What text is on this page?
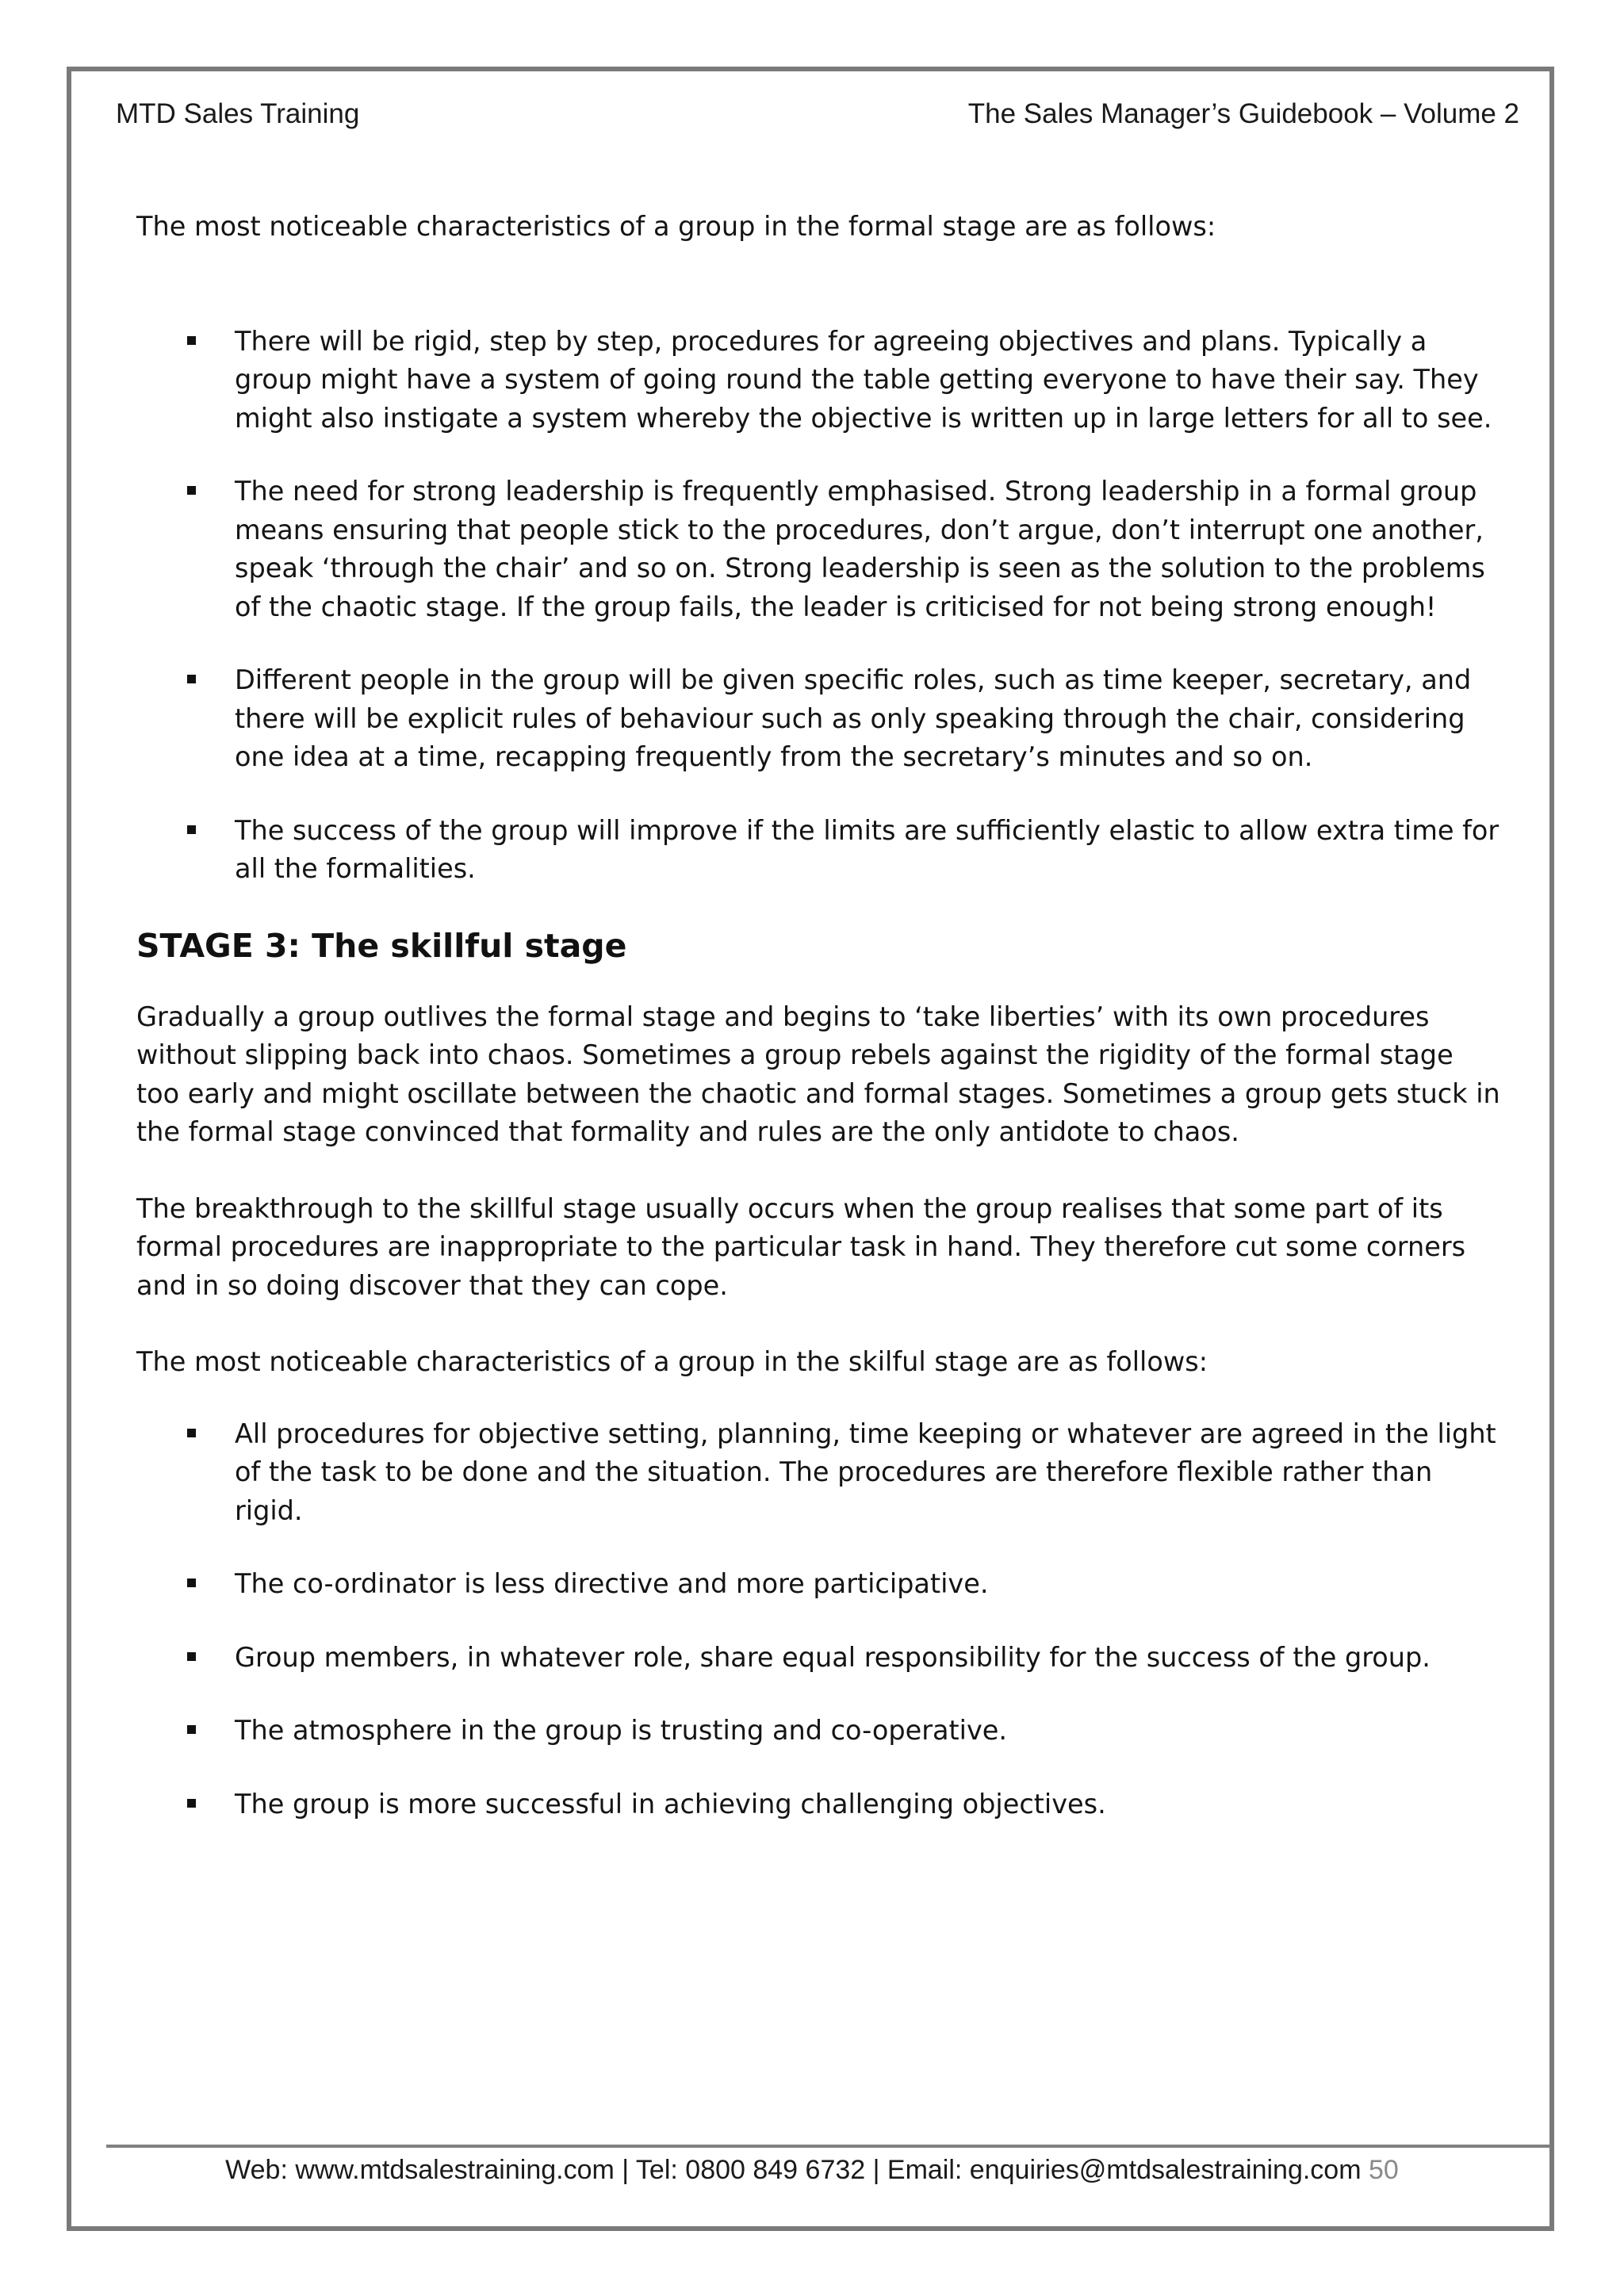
MTD Sales Training	The Sales Manager’s Guidebook – Volume 2

The most noticeable characteristics of a group in the formal stage are as follows:

There will be rigid, step by step, procedures for agreeing objectives and plans. Typically a group might have a system of going round the table getting everyone to have their say. They might also instigate a system whereby the objective is written up in large letters for all to see.
The need for strong leadership is frequently emphasised. Strong leadership in a formal group means ensuring that people stick to the procedures, don’t argue, don’t interrupt one another, speak ‘through the chair’ and so on. Strong leadership is seen as the solution to the problems of the chaotic stage. If the group fails, the leader is criticised for not being strong enough!
Different people in the group will be given specific roles, such as time keeper, secretary, and there will be explicit rules of behaviour such as only speaking through the chair, considering one idea at a time, recapping frequently from the secretary’s minutes and so on.
The success of the group will improve if the limits are sufficiently elastic to allow extra time for all the formalities.
STAGE 3: The skillful stage

Gradually a group outlives the formal stage and begins to ‘take liberties’ with its own procedures without slipping back into chaos. Sometimes a group rebels against the rigidity of the formal stage too early and might oscillate between the chaotic and formal stages. Sometimes a group gets stuck in the formal stage convinced that formality and rules are the only antidote to chaos.

The breakthrough to the skillful stage usually occurs when the group realises that some part of its formal procedures are inappropriate to the particular task in hand. They therefore cut some corners and in so doing discover that they can cope.

The most noticeable characteristics of a group in the skilful stage are as follows:

All procedures for objective setting, planning, time keeping or whatever are agreed in the light of the task to be done and the situation. The procedures are therefore flexible rather than rigid.
The co-ordinator is less directive and more participative.
Group members, in whatever role, share equal responsibility for the success of the group.
The atmosphere in the group is trusting and co-operative.
The group is more successful in achieving challenging objectives.
Web: www.mtdsalestraining.com | Tel: 0800 849 6732 | Email: enquiries@mtdsalestraining.com 50
